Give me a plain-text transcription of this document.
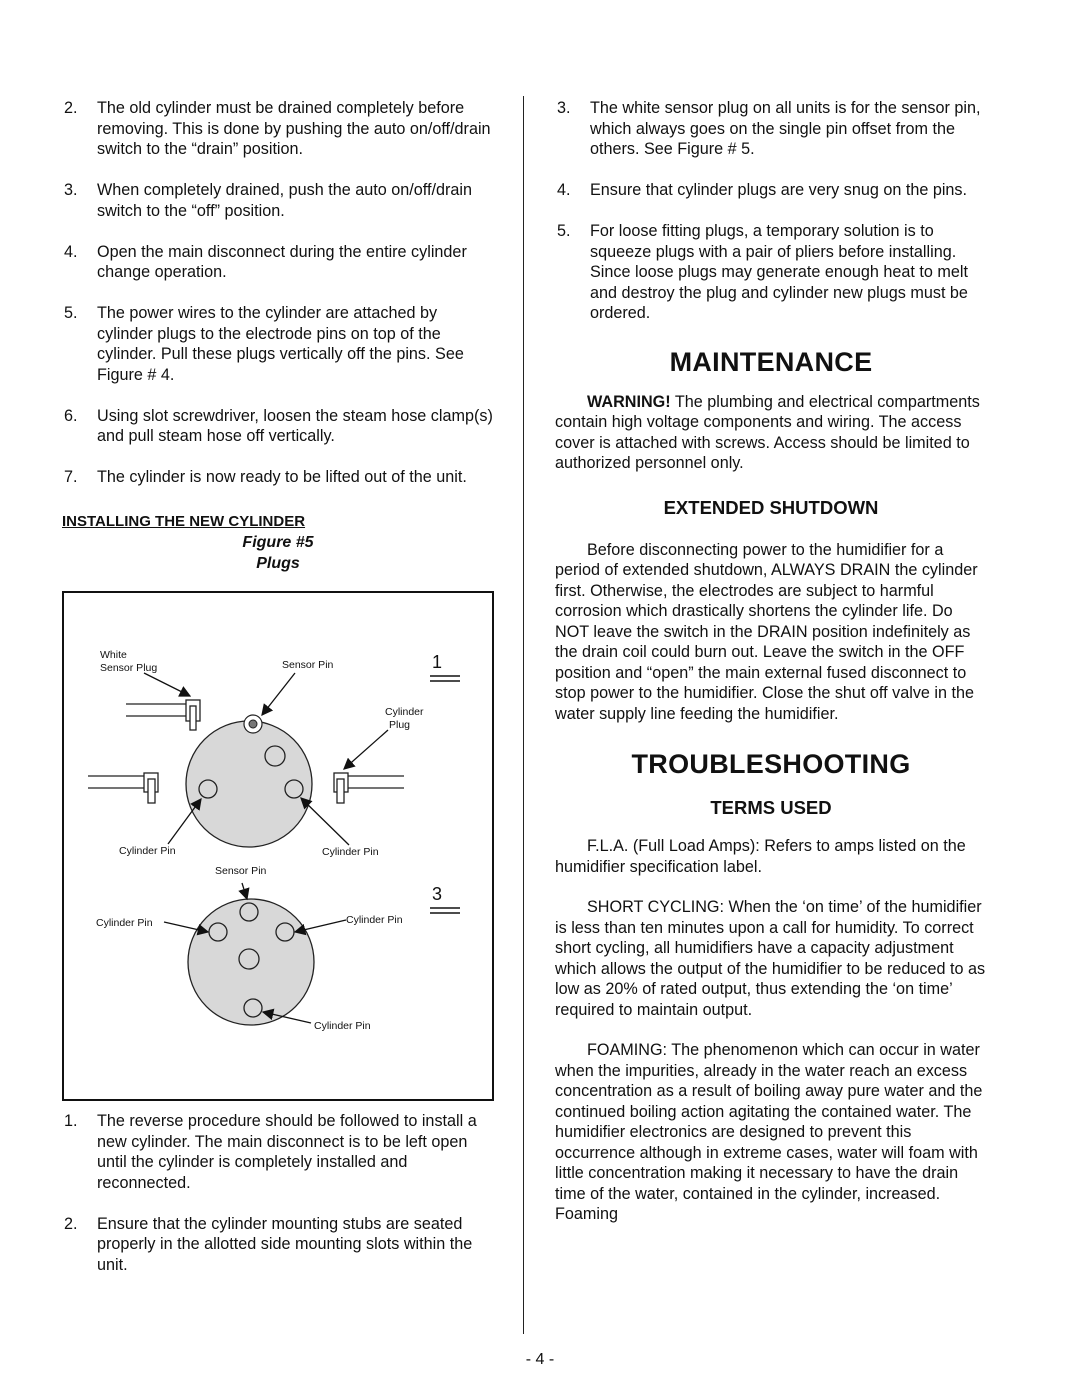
2.	The old cylinder must be drained completely before removing. This is done by pushing the auto on/off/drain switch to the “drain” position.
3.	When completely drained, push the auto on/off/drain switch to the “off” position.
4.	Open the main disconnect during the entire cylinder change operation.
5.	The power wires to the cylinder are attached by cylinder plugs to the electrode pins on top of the cylinder. Pull these plugs vertically off the pins. See Figure # 4.
6.	Using slot screwdriver, loosen the steam hose clamp(s) and pull steam hose off vertically.
7.	The cylinder is now ready to be lifted out of the unit.

INSTALLING THE NEW CYLINDER

Figure #5
Plugs
White
Sensor Plug	Sensor Pin
Cylinder
Plug
Cylinder Pin	Cylinder Pin
1
Sensor Pin
Cylinder Pin	Cylinder Pin
Cylinder Pin
3
1.	The reverse procedure should be followed to install a new cylinder. The main disconnect is to be left open until the cylinder is completely installed and reconnected.
2.	Ensure that the cylinder mounting stubs are seated properly in the allotted side mounting slots within the unit.
3.	The white sensor plug on all units is for the sensor pin, which always goes on the single pin offset from the others. See Figure # 5.
4.	Ensure that cylinder plugs are very snug on the pins.
5.	For loose fitting plugs, a temporary solution is to squeeze plugs with a pair of pliers before installing. Since loose plugs may generate enough heat to melt and destroy the plug and cylinder new plugs must be ordered.
MAINTENANCE

WARNING! The plumbing and electrical compartments contain high voltage components and wiring. The access cover is attached with screws. Access should be limited to authorized personnel only.

EXTENDED SHUTDOWN

Before disconnecting power to the humidifier for a period of extended shutdown, ALWAYS DRAIN the cylinder first. Otherwise, the electrodes are subject to harmful corrosion which drastically shortens the cylinder life. Do NOT leave the switch in the DRAIN position indefinitely as the drain coil could burn out. Leave the switch in the OFF position and “open” the main external fused disconnect to stop power to the humidifier. Close the shut off valve in the water supply line feeding the humidifier.

TROUBLESHOOTING
TERMS USED

F.L.A. (Full Load Amps): Refers to amps listed on the humidifier specification label.

SHORT CYCLING: When the ‘on time’ of the humidifier is less than ten minutes upon a call for humidity. To correct short cycling, all humidifiers have a capacity adjustment which allows the output of the humidifier to be reduced to as low as 20% of rated output, thus extending the ‘on time’ required to maintain output.

FOAMING: The phenomenon which can occur in water when the impurities, already in the water reach an excess concentration as a result of boiling away pure water and the continued boiling action agitating the contained water. The humidifier electronics are designed to prevent this occurrence although in extreme cases, water will foam with little concentration making it necessary to have the drain time of the water, contained in the cylinder, increased. Foaming

- 4 -
